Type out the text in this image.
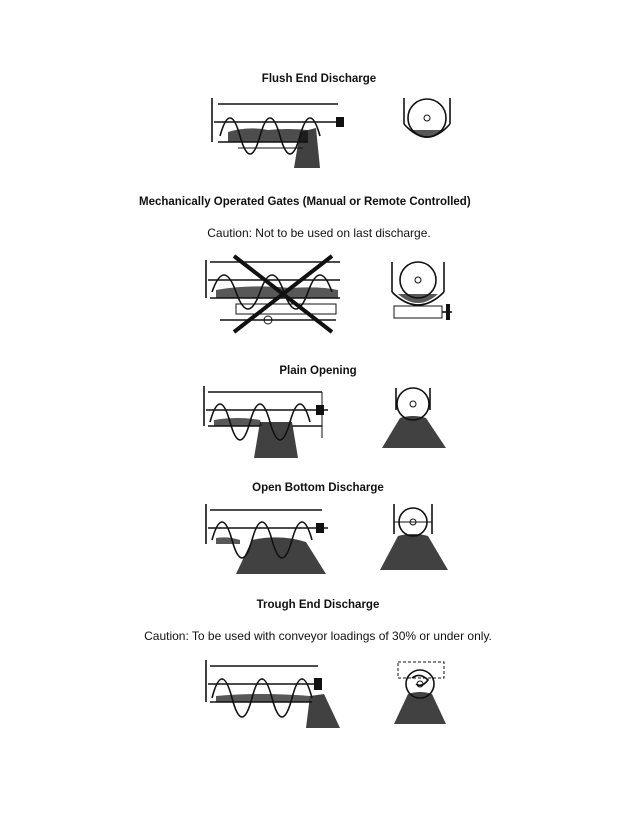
Flush End Discharge
Mechanically Operated Gates (Manual or Remote Controlled)
Caution: Not to be used on last discharge.
Plain Opening
Open Bottom Discharge
Trough End Discharge
Caution: To be used with conveyor loadings of 30% or under only.
